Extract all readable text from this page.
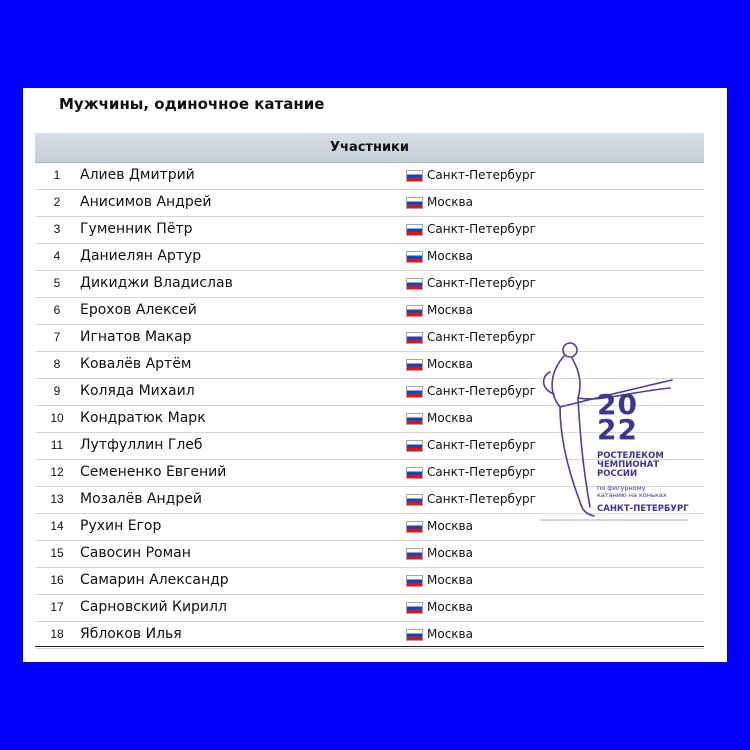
Мужчины, одиночное катание
Участники
1	Алиев Дмитрий	Санкт-Петербург
2	Анисимов Андрей	Москва
3	Гуменник Пётр	Санкт-Петербург
4	Даниелян Артур	Москва
5	Дикиджи Владислав	Санкт-Петербург
6	Ерохов Алексей	Москва
7	Игнатов Макар	Санкт-Петербург
8	Ковалёв Артём	Москва
9	Коляда Михаил	Санкт-Петербург
10	Кондратюк Марк	Москва
11	Лутфуллин Глеб	Санкт-Петербург
12	Семененко Евгений	Санкт-Петербург
13	Мозалёв Андрей	Санкт-Петербург
14	Рухин Егор	Москва
15	Савосин Роман	Москва
16	Самарин Александр	Москва
17	Сарновский Кирилл	Москва
18	Яблоков Илья	Москва
20 22
РОСТЕЛЕКОМ
ЧЕМПИОНАТ
РОССИИ
по фигурному
катанию на коньках
САНКТ-ПЕТЕРБУРГ
